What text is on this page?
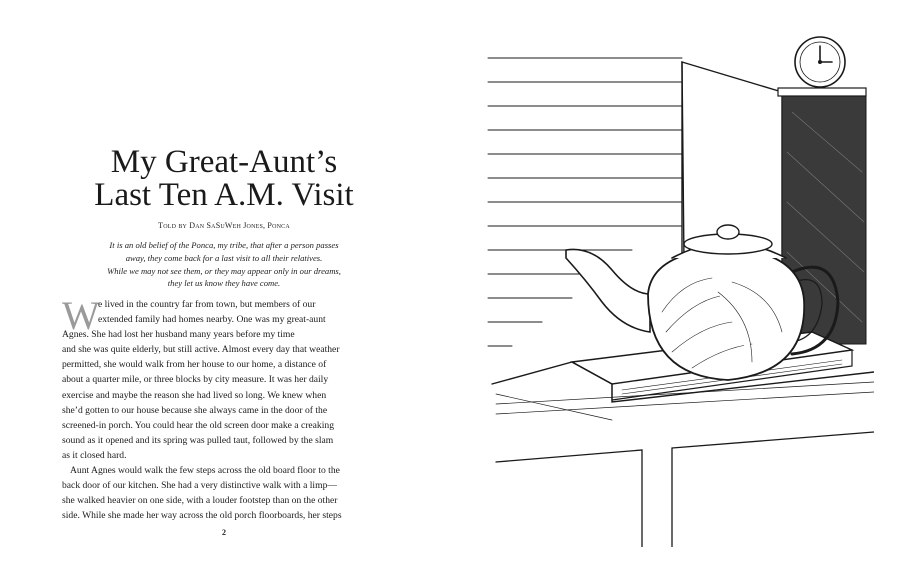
My Great-Aunt’s
Last Ten A.M. Visit
Told by Dan SaSuWeh Jones, Ponca
It is an old belief of the Ponca, my tribe, that after a person passes
away, they come back for a last visit to all their relatives.
While we may not see them, or they may appear only in our dreams,
they let us know they have come.
W
e lived in the country far from town, but members of our
extended family had homes nearby. One was my great-aunt
Agnes. She had lost her husband many years before my time
and she was quite elderly, but still active. Almost every day that weather
permitted, she would walk from her house to our home, a distance of
about a quarter mile, or three blocks by city measure. It was her daily
exercise and maybe the reason she had lived so long. We knew when
she’d gotten to our house because she always came in the door of the
screened-in porch. You could hear the old screen door make a creaking
sound as it opened and its spring was pulled taut, followed by the slam
as it closed hard.
Aunt Agnes would walk the few steps across the old board floor to the
back door of our kitchen. She had a very distinctive walk with a limp—
she walked heavier on one side, with a louder footstep than on the other
side. While she made her way across the old porch floorboards, her steps
2
